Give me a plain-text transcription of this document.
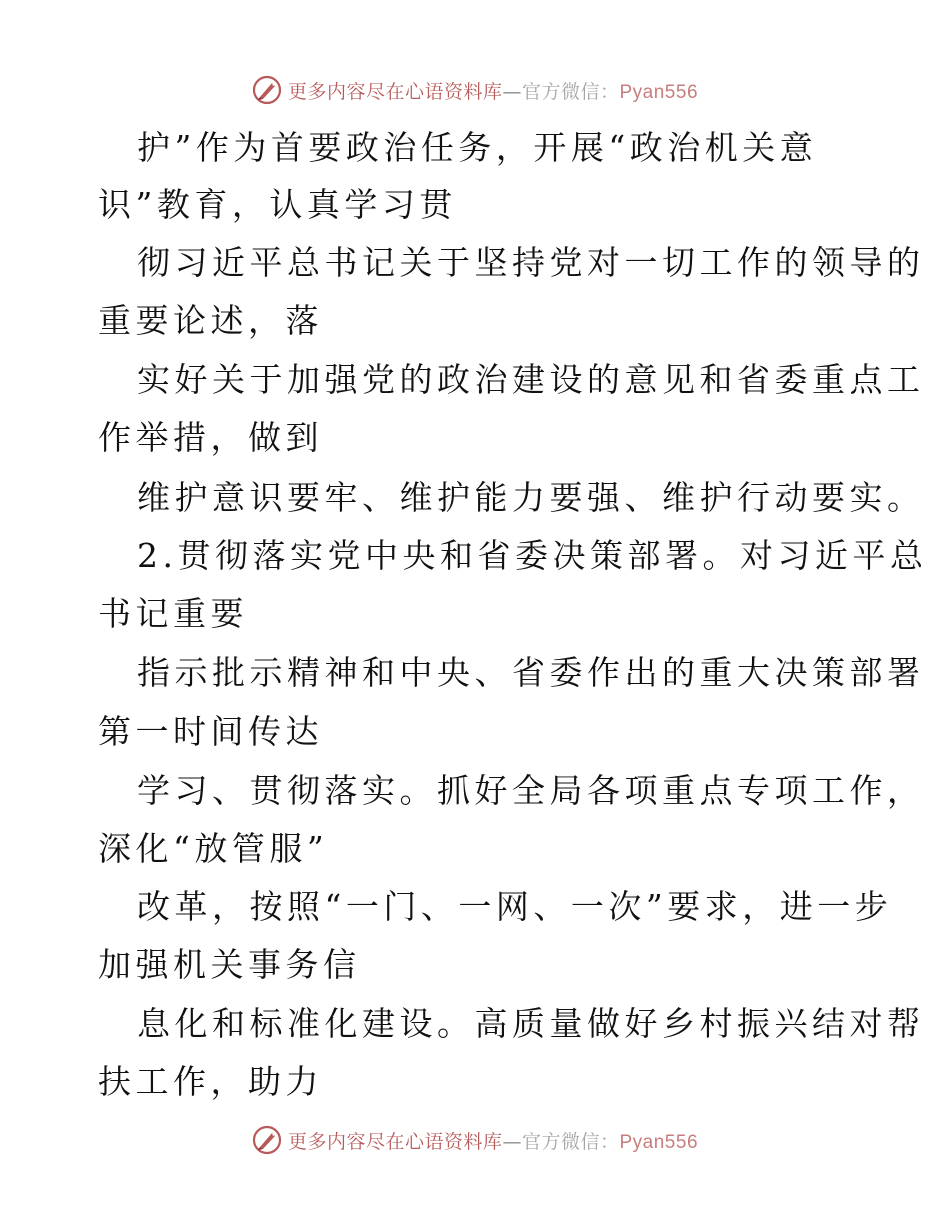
更多内容尽在心语资料库—官方微信：Pyan556
护”作为首要政治任务，开展“政治机关意
识”教育，认真学习贯
彻习近平总书记关于坚持党对一切工作的领导的
重要论述，落
实好关于加强党的政治建设的意见和省委重点工
作举措，做到
维护意识要牢、维护能力要强、维护行动要实。
2.贯彻落实党中央和省委决策部署。对习近平总
书记重要
指示批示精神和中央、省委作出的重大决策部署
第一时间传达
学习、贯彻落实。抓好全局各项重点专项工作，
深化“放管服”
改革，按照“一门、一网、一次”要求，进一步
加强机关事务信
息化和标准化建设。高质量做好乡村振兴结对帮
扶工作，助力
更多内容尽在心语资料库—官方微信：Pyan556
